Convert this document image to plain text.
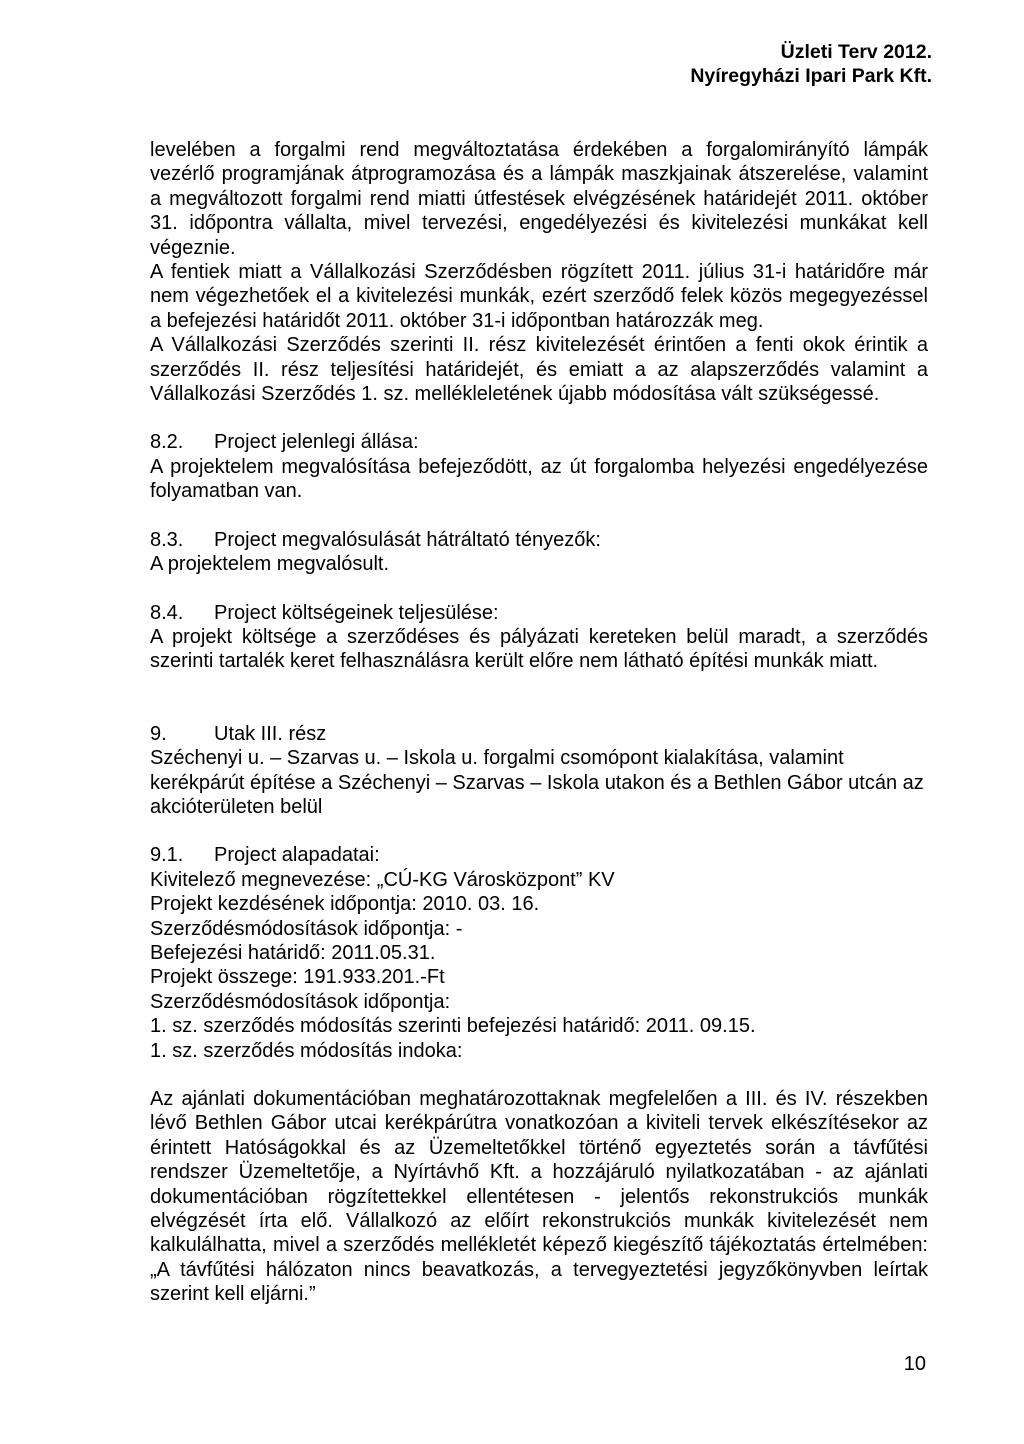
Üzleti Terv 2012.
Nyíregyházi Ipari Park Kft.

levelében a forgalmi rend megváltoztatása érdekében a forgalomirányító lámpák vezérlő programjának átprogramozása és a lámpák maszkjainak átszerelése, valamint a megváltozott forgalmi rend miatti útfestések elvégzésének határidejét 2011. október 31. időpontra vállalta, mivel tervezési, engedélyezési és kivitelezési munkákat kell végeznie.

A fentiek miatt a Vállalkozási Szerződésben rögzített 2011. július 31-i határidőre már nem végezhetőek el a kivitelezési munkák, ezért szerződő felek közös megegyezéssel a befejezési határidőt 2011. október 31-i időpontban határozzák meg.

A Vállalkozási Szerződés szerinti II. rész kivitelezését érintően a fenti okok érintik a szerződés II. rész teljesítési határidejét, és emiatt a az alapszerződés valamint a Vállalkozási Szerződés 1. sz. mellékleletének újabb módosítása vált szükségessé.

8.2. Project jelenlegi állása:

A projektelem megvalósítása befejeződött, az út forgalomba helyezési engedélyezése folyamatban van.

8.3. Project megvalósulását hátráltató tényezők:

A projektelem megvalósult.

8.4. Project költségeinek teljesülése:

A projekt költsége a szerződéses és pályázati kereteken belül maradt, a szerződés szerinti tartalék keret felhasználásra került előre nem látható építési munkák miatt.

9. Utak III. rész

Széchenyi u. – Szarvas u. – Iskola u. forgalmi csomópont kialakítása, valamint kerékpárút építése a Széchenyi – Szarvas – Iskola utakon és a Bethlen Gábor utcán az akcióterületen belül

9.1. Project alapadatai:

Kivitelező megnevezése: „CÚ-KG Városközpont” KV

Projekt kezdésének időpontja: 2010. 03. 16.

Szerződésmódosítások időpontja: -

Befejezési határidő: 2011.05.31.

Projekt összege: 191.933.201.-Ft

Szerződésmódosítások időpontja:

1. sz. szerződés módosítás szerinti befejezési határidő: 2011. 09.15.

1. sz. szerződés módosítás indoka:

Az ajánlati dokumentációban meghatározottaknak megfelelően a III. és IV. részekben lévő Bethlen Gábor utcai kerékpárútra vonatkozóan a kiviteli tervek elkészítésekor az érintett Hatóságokkal és az Üzemeltetőkkel történő egyeztetés során a távfűtési rendszer Üzemeltetője, a Nyírtávhő Kft. a hozzájáruló nyilatkozatában - az ajánlati dokumentációban rögzítettekkel ellentétesen - jelentős rekonstrukciós munkák elvégzését írta elő. Vállalkozó az előírt rekonstrukciós munkák kivitelezését nem kalkulálhatta, mivel a szerződés mellékletét képező kiegészítő tájékoztatás értelmében: „A távfűtési hálózaton nincs beavatkozás, a tervegyeztetési jegyzőkönyvben leírtak szerint kell eljárni.”

10
